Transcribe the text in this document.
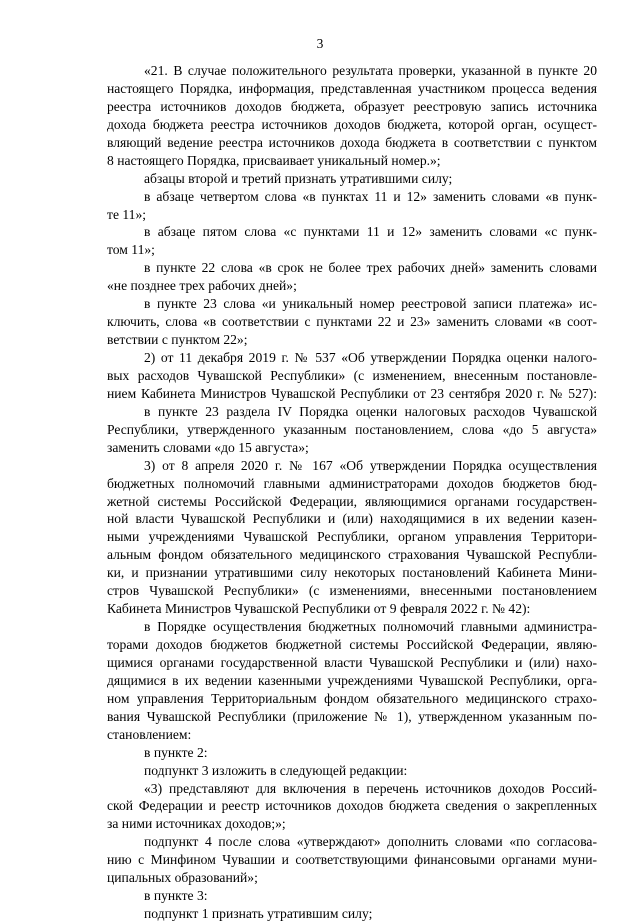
3
«21. В случае положительного результата проверки, указанной в пункте 20
настоящего Порядка, информация, представленная участником процесса ведения
реестра источников доходов бюджета, образует реестровую запись источника
дохода бюджета реестра источников доходов бюджета, которой орган, осущест-
вляющий ведение реестра источников дохода бюджета в соответствии с пунктом
8 настоящего Порядка, присваивает уникальный номер.»;
абзацы второй и третий признать утратившими силу;
в абзаце четвертом слова «в пунктах 11 и 12» заменить словами «в пунк-
те 11»;
в абзаце пятом слова «с пунктами 11 и 12» заменить словами «с пунк-
том 11»;
в пункте 22 слова «в срок не более трех рабочих дней» заменить словами
«не позднее трех рабочих дней»;
в пункте 23 слова «и уникальный номер реестровой записи платежа» ис-
ключить, слова «в соответствии с пунктами 22 и 23» заменить словами «в соот-
ветствии с пунктом 22»;
2) от 11 декабря 2019 г. № 537 «Об утверждении Порядка оценки налого-
вых расходов Чувашской Республики» (с изменением, внесенным постановле-
нием Кабинета Министров Чувашской Республики от 23 сентября 2020 г. № 527):
в пункте 23 раздела IV Порядка оценки налоговых расходов Чувашской
Республики, утвержденного указанным постановлением, слова «до 5 августа»
заменить словами «до 15 августа»;
3) от 8 апреля 2020 г. № 167 «Об утверждении Порядка осуществления
бюджетных полномочий главными администраторами доходов бюджетов бюд-
жетной системы Российской Федерации, являющимися органами государствен-
ной власти Чувашской Республики и (или) находящимися в их ведении казен-
ными учреждениями Чувашской Республики, органом управления Территори-
альным фондом обязательного медицинского страхования Чувашской Республи-
ки, и признании утратившими силу некоторых постановлений Кабинета Мини-
стров Чувашской Республики» (с изменениями, внесенными постановлением
Кабинета Министров Чувашской Республики от 9 февраля 2022 г. № 42):
в Порядке осуществления бюджетных полномочий главными администра-
торами доходов бюджетов бюджетной системы Российской Федерации, являю-
щимися органами государственной власти Чувашской Республики и (или) нахо-
дящимися в их ведении казенными учреждениями Чувашской Республики, орга-
ном управления Территориальным фондом обязательного медицинского страхо-
вания Чувашской Республики (приложение № 1), утвержденном указанным по-
становлением:
в пункте 2:
подпункт 3 изложить в следующей редакции:
«3) представляют для включения в перечень источников доходов Россий-
ской Федерации и реестр источников доходов бюджета сведения о закрепленных
за ними источниках доходов;»;
подпункт 4 после слова «утверждают» дополнить словами «по согласова-
нию с Минфином Чувашии и соответствующими финансовыми органами муни-
ципальных образований»;
в пункте 3:
подпункт 1 признать утратившим силу;
